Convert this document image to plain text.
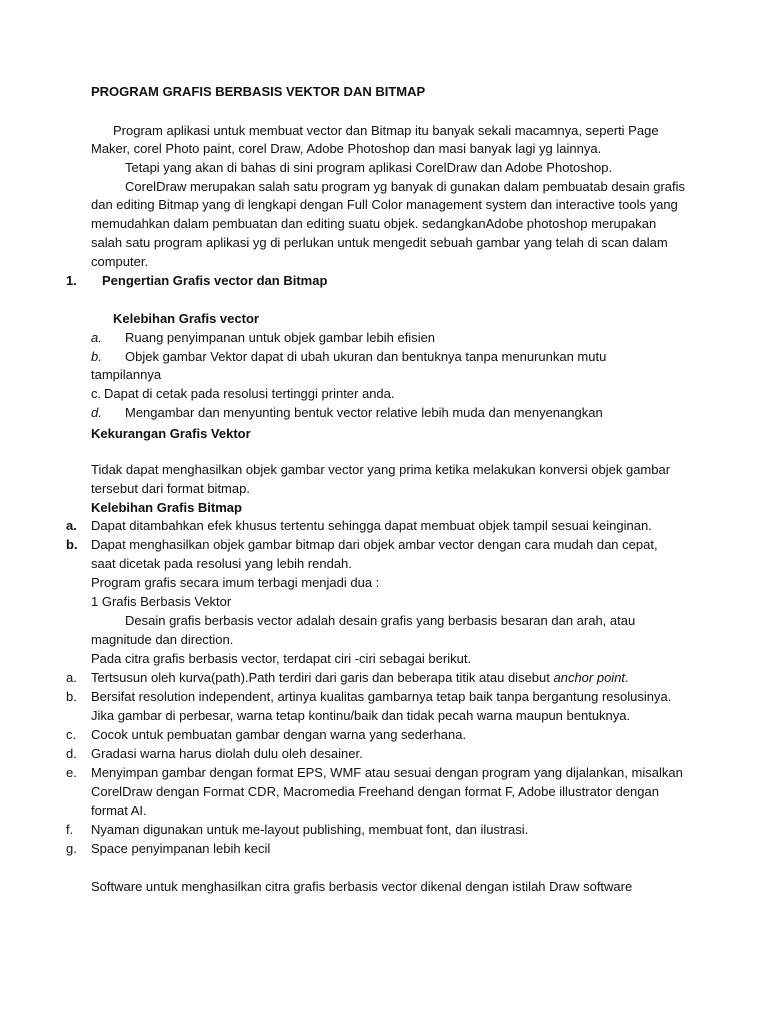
PROGRAM GRAFIS BERBASIS VEKTOR DAN BITMAP
Program aplikasi untuk membuat vector dan Bitmap itu banyak sekali macamnya, seperti Page
Maker, corel Photo paint, corel Draw, Adobe Photoshop dan masi banyak lagi yg lainnya.
Tetapi yang akan di bahas di sini program aplikasi CorelDraw dan Adobe Photoshop.
CorelDraw merupakan salah satu program yg banyak di gunakan dalam pembuatab desain grafis
dan editing Bitmap yang di lengkapi dengan Full Color management system dan interactive tools yang
memudahkan dalam pembuatan dan editing suatu objek. sedangkanAdobe photoshop merupakan
salah satu program aplikasi yg di perlukan untuk mengedit sebuah gambar yang telah di scan dalam
computer.
1. Pengertian Grafis vector dan Bitmap
Kelebihan Grafis vector
a. Ruang penyimpanan untuk objek gambar lebih efisien
b. Objek gambar Vektor dapat di ubah ukuran dan bentuknya tanpa menurunkan mutu
tampilannya
c. Dapat di cetak pada resolusi tertinggi printer anda.
d. Mengambar dan menyunting bentuk vector relative lebih muda dan menyenangkan
Kekurangan Grafis Vektor
Tidak dapat menghasilkan objek gambar vector yang prima ketika melakukan konversi objek gambar
tersebut dari format bitmap.
Kelebihan Grafis Bitmap
a. Dapat ditambahkan efek khusus tertentu sehingga dapat membuat objek tampil sesuai keinginan.
b. Dapat menghasilkan objek gambar bitmap dari objek ambar vector dengan cara mudah dan cepat,
saat dicetak pada resolusi yang lebih rendah.
Program grafis secara imum terbagi menjadi dua :
1 Grafis Berbasis Vektor
Desain grafis berbasis vector adalah desain grafis yang berbasis besaran dan arah, atau
magnitude dan direction.
Pada citra grafis berbasis vector, terdapat ciri -ciri sebagai berikut.
a. Tertsusun oleh kurva(path).Path terdiri dari garis dan beberapa titik atau disebut anchor point.
b. Bersifat resolution independent, artinya kualitas gambarnya tetap baik tanpa bergantung resolusinya.
Jika gambar di perbesar, warna tetap kontinu/baik dan tidak pecah warna maupun bentuknya.
c. Cocok untuk pembuatan gambar dengan warna yang sederhana.
d. Gradasi warna harus diolah dulu oleh desainer.
e. Menyimpan gambar dengan format EPS, WMF atau sesuai dengan program yang dijalankan, misalkan
CorelDraw dengan Format CDR, Macromedia Freehand dengan format F, Adobe illustrator dengan
format AI.
f. Nyaman digunakan untuk me-layout publishing, membuat font, dan ilustrasi.
g. Space penyimpanan lebih kecil
Software untuk menghasilkan citra grafis berbasis vector dikenal dengan istilah Draw software
